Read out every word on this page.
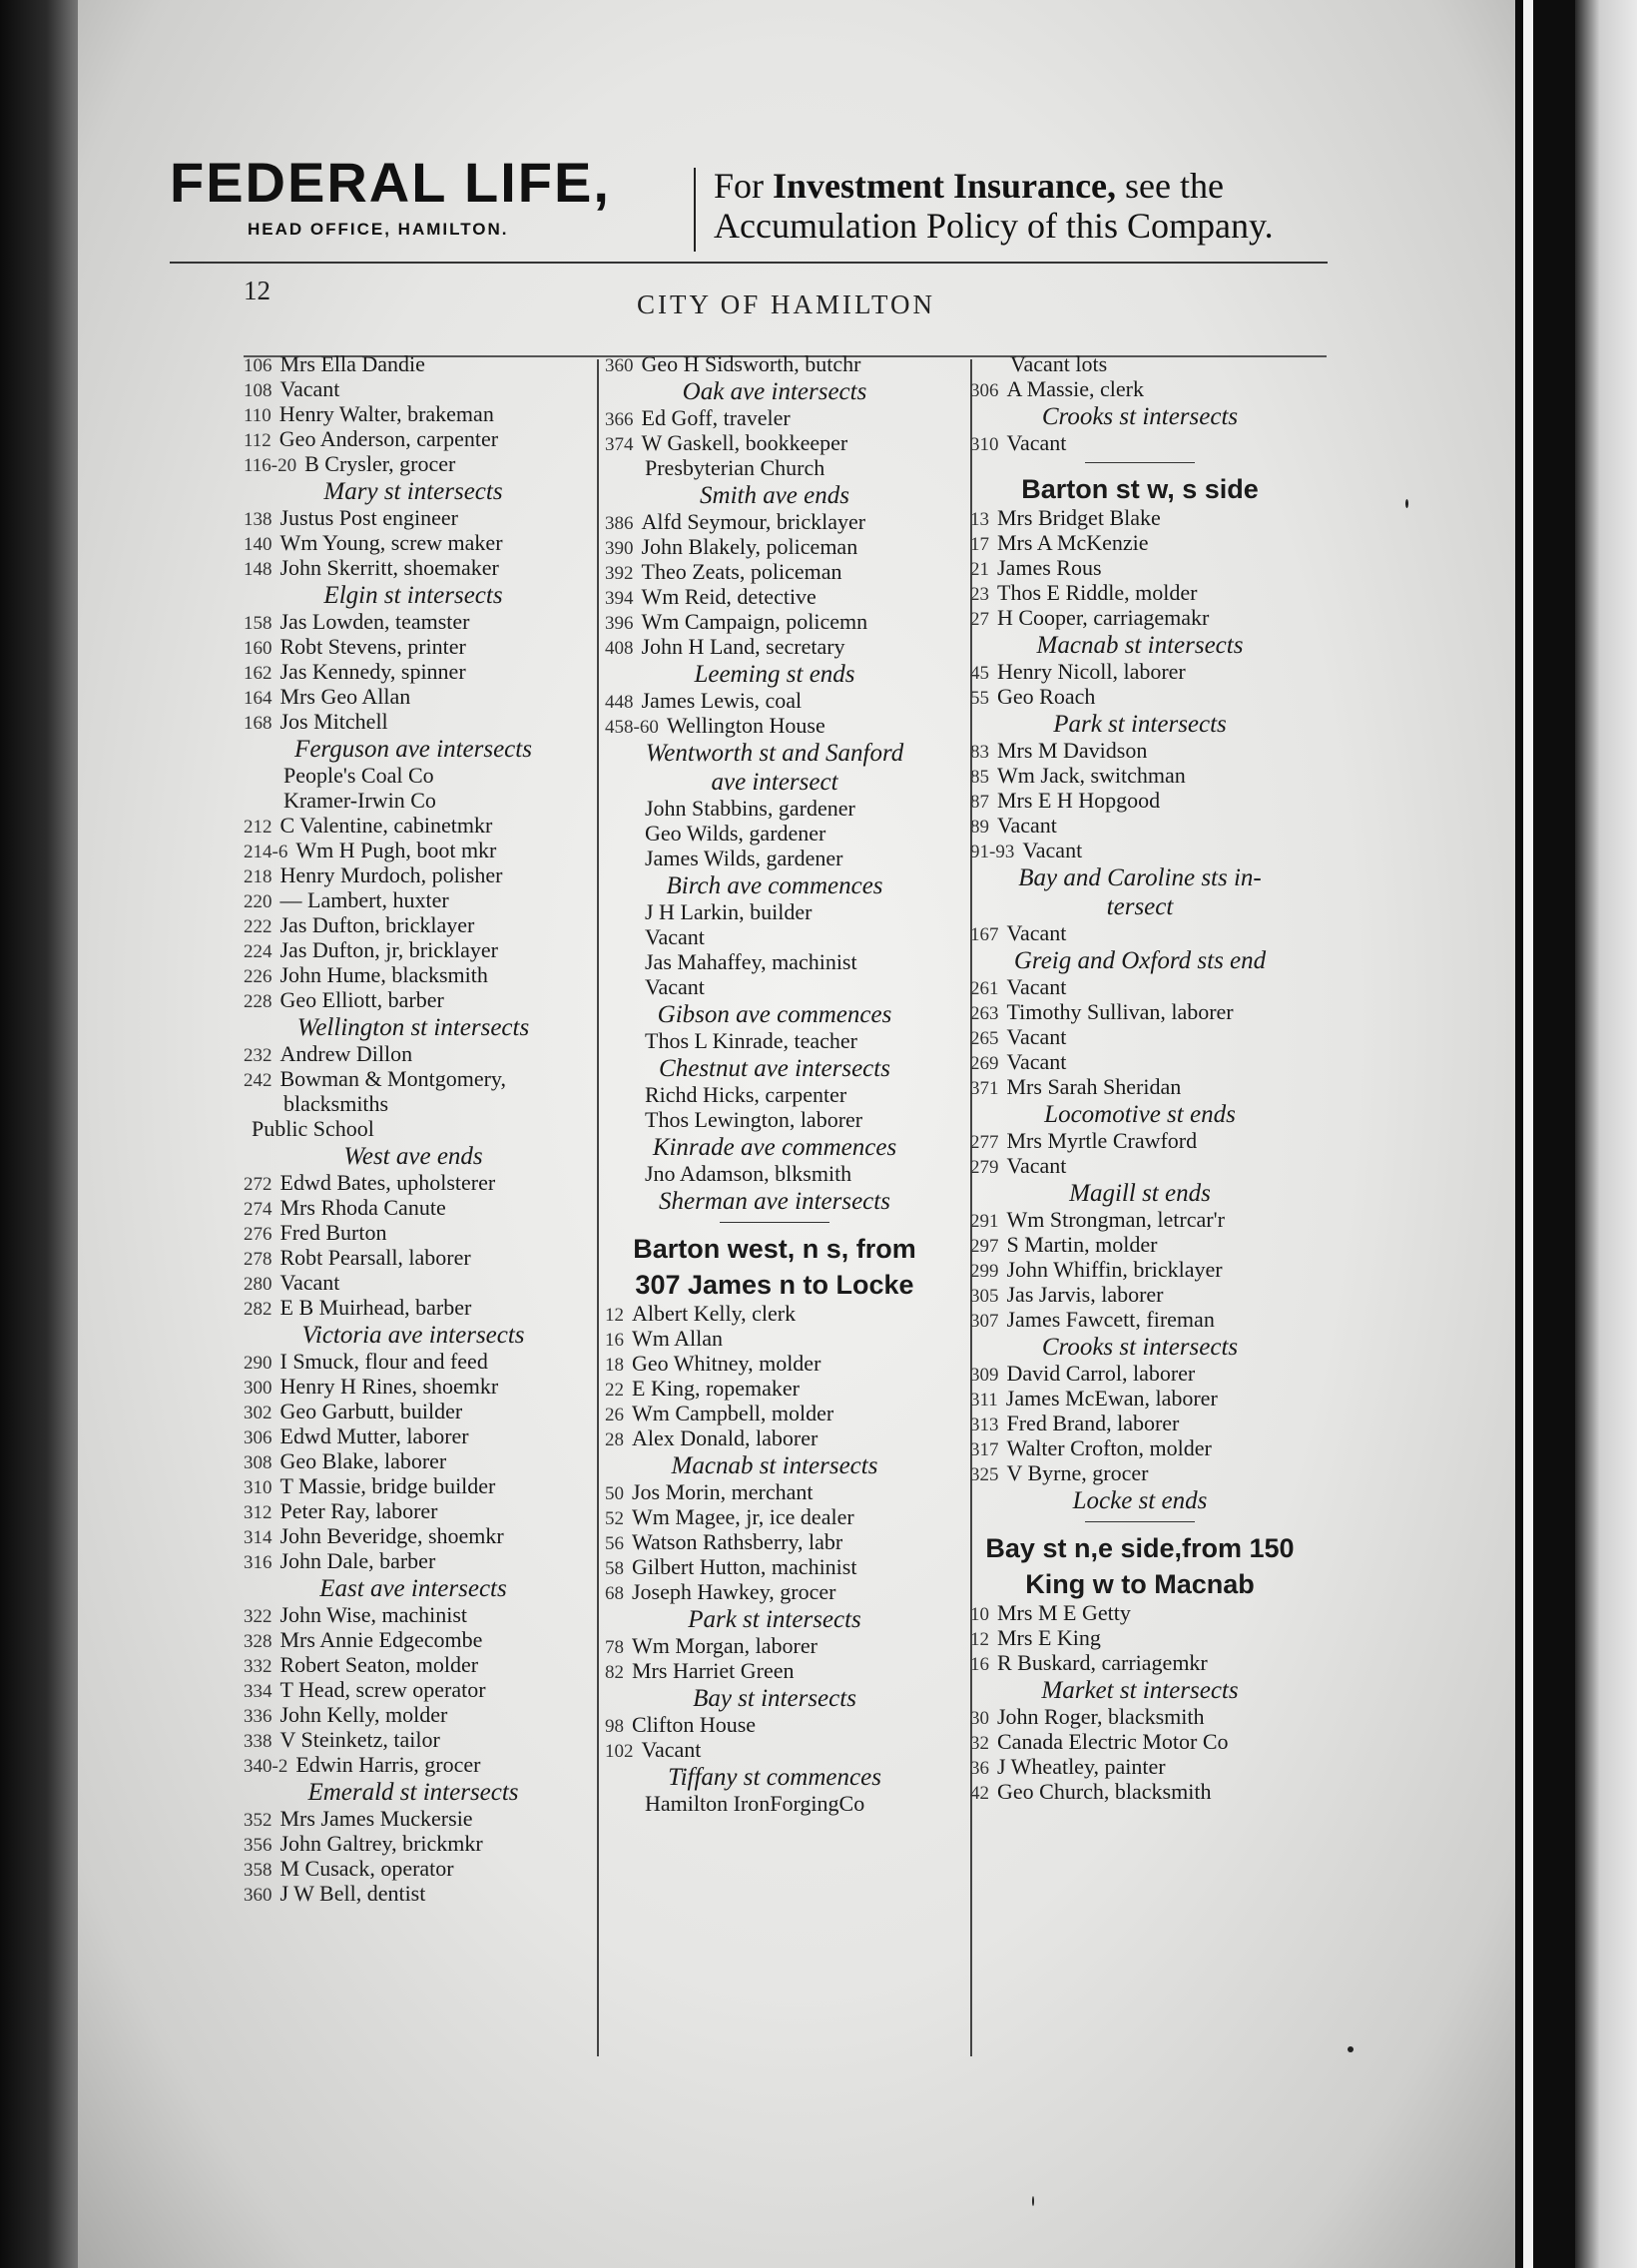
FEDERAL LIFE,
HEAD OFFICE, HAMILTON.
For Investment Insurance, see the
Accumulation Policy of this Company.
12	CITY OF HAMILTON
106 Mrs Ella Dandie
108 Vacant
110 Henry Walter, brakeman
112 Geo Anderson, carpenter
116-20 B Crysler, grocer
Mary st intersects
138 Justus Post engineer
140 Wm Young, screw maker
148 John Skerritt, shoemaker
Elgin st intersects
158 Jas Lowden, teamster
160 Robt Stevens, printer
162 Jas Kennedy, spinner
164 Mrs Geo Allan
168 Jos Mitchell
Ferguson ave intersects
People's Coal Co
Kramer-Irwin Co
212 C Valentine, cabinetmkr
214-6 Wm H Pugh, boot mkr
218 Henry Murdoch, polisher
220 — Lambert, huxter
222 Jas Dufton, bricklayer
224 Jas Dufton, jr, bricklayer
226 John Hume, blacksmith
228 Geo Elliott, barber
Wellington st intersects
232 Andrew Dillon
242 Bowman & Montgomery,
blacksmiths
Public School
West ave ends
272 Edwd Bates, upholsterer
274 Mrs Rhoda Canute
276 Fred Burton
278 Robt Pearsall, laborer
280 Vacant
282 E B Muirhead, barber
Victoria ave intersects
290 I Smuck, flour and feed
300 Henry H Rines, shoemkr
302 Geo Garbutt, builder
306 Edwd Mutter, laborer
308 Geo Blake, laborer
310 T Massie, bridge builder
312 Peter Ray, laborer
314 John Beveridge, shoemkr
316 John Dale, barber
East ave intersects
322 John Wise, machinist
328 Mrs Annie Edgecombe
332 Robert Seaton, molder
334 T Head, screw operator
336 John Kelly, molder
338 V Steinketz, tailor
340-2 Edwin Harris, grocer
Emerald st intersects
352 Mrs James Muckersie
356 John Galtrey, brickmkr
358 M Cusack, operator
360 J W Bell, dentist
360 Geo H Sidsworth, butchr
Oak ave intersects
366 Ed Goff, traveler
374 W Gaskell, bookkeeper
Presbyterian Church
Smith ave ends
386 Alfd Seymour, bricklayer
390 John Blakely, policeman
392 Theo Zeats, policeman
394 Wm Reid, detective
396 Wm Campaign, policemn
408 John H Land, secretary
Leeming st ends
448 James Lewis, coal
458-60 Wellington House
Wentworth st and Sanford
ave intersect
John Stabbins, gardener
Geo Wilds, gardener
James Wilds, gardener
Birch ave commences
J H Larkin, builder
Vacant
Jas Mahaffey, machinist
Vacant
Gibson ave commences
Thos L Kinrade, teacher
Chestnut ave intersects
Richd Hicks, carpenter
Thos Lewington, laborer
Kinrade ave commences
Jno Adamson, blksmith
Sherman ave intersects
Barton west, n s, from
307 James n to Locke
12 Albert Kelly, clerk
16 Wm Allan
18 Geo Whitney, molder
22 E King, ropemaker
26 Wm Campbell, molder
28 Alex Donald, laborer
Macnab st intersects
50 Jos Morin, merchant
52 Wm Magee, jr, ice dealer
56 Watson Rathsberry, labr
58 Gilbert Hutton, machinist
68 Joseph Hawkey, grocer
Park st intersects
78 Wm Morgan, laborer
82 Mrs Harriet Green
Bay st intersects
98 Clifton House
102 Vacant
Tiffany st commences
Hamilton IronForgingCo
Vacant lots
306 A Massie, clerk
Crooks st intersects
310 Vacant
Barton st w, s side
13 Mrs Bridget Blake
17 Mrs A McKenzie
21 James Rous
23 Thos E Riddle, molder
27 H Cooper, carriagemakr
Macnab st intersects
45 Henry Nicoll, laborer
55 Geo Roach
Park st intersects
83 Mrs M Davidson
85 Wm Jack, switchman
87 Mrs E H Hopgood
89 Vacant
91-93 Vacant
Bay and Caroline sts in-
tersect
167 Vacant
Greig and Oxford sts end
261 Vacant
263 Timothy Sullivan, laborer
265 Vacant
269 Vacant
371 Mrs Sarah Sheridan
Locomotive st ends
277 Mrs Myrtle Crawford
279 Vacant
Magill st ends
291 Wm Strongman, letrcar'r
297 S Martin, molder
299 John Whiffin, bricklayer
305 Jas Jarvis, laborer
307 James Fawcett, fireman
Crooks st intersects
309 David Carrol, laborer
311 James McEwan, laborer
313 Fred Brand, laborer
317 Walter Crofton, molder
325 V Byrne, grocer
Locke st ends
Bay st n,e side,from 150
King w to Macnab
10 Mrs M E Getty
12 Mrs E King
16 R Buskard, carriagemkr
Market st intersects
30 John Roger, blacksmith
32 Canada Electric Motor Co
36 J Wheatley, painter
42 Geo Church, blacksmith
